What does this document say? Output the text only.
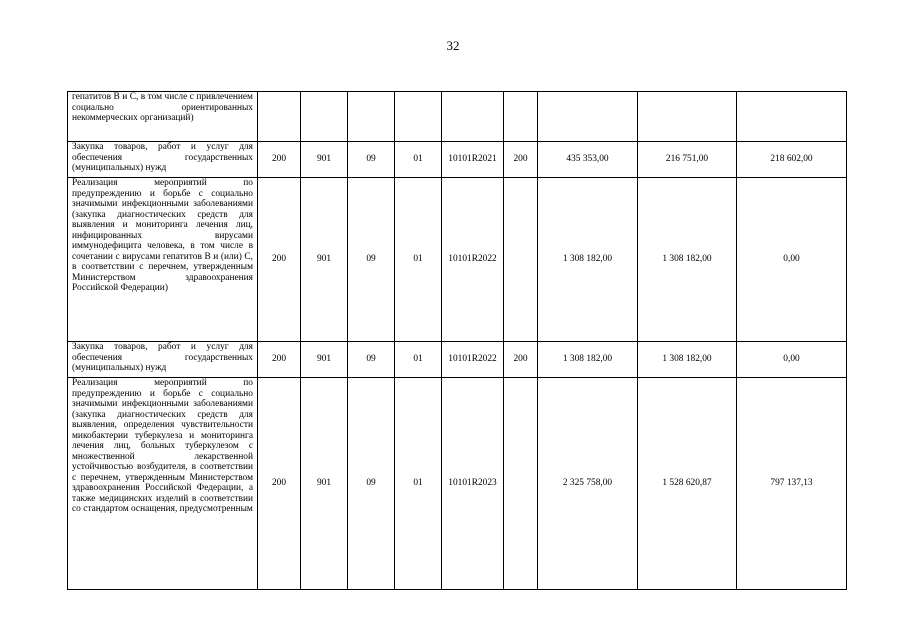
32
гепатитов В и С, в том числе с привлечением социально ориентированных некоммерческих организаций)									
Закупка товаров, работ и услуг для обеспечения государственных (муниципальных) нужд	200	901	09	01	10101R2021	200	435 353,00	216 751,00	218 602,00
Реализация мероприятий по предупреждению и борьбе с социально значимыми инфекционными заболеваниями (закупка диагностических средств для выявления и мониторинга лечения лиц, инфицированных вирусами иммунодефицита человека, в том числе в сочетании с вирусами гепатитов В и (или) С, в соответствии с перечнем, утвержденным Министерством здравоохранения Российской Федерации)	200	901	09	01	10101R2022		1 308 182,00	1 308 182,00	0,00
Закупка товаров, работ и услуг для обеспечения государственных (муниципальных) нужд	200	901	09	01	10101R2022	200	1 308 182,00	1 308 182,00	0,00
Реализация мероприятий по предупреждению и борьбе с социально значимыми инфекционными заболеваниями (закупка диагностических средств для выявления, определения чувствительности микобактерии туберкулеза и мониторинга лечения лиц, больных туберкулезом с множественной лекарственной устойчивостью возбудителя, в соответствии с перечнем, утвержденным Министерством здравоохранения Российской Федерации, а также медицинских изделий в соответствии со стандартом оснащения, предусмотренным	200	901	09	01	10101R2023		2 325 758,00	1 528 620,87	797 137,13
